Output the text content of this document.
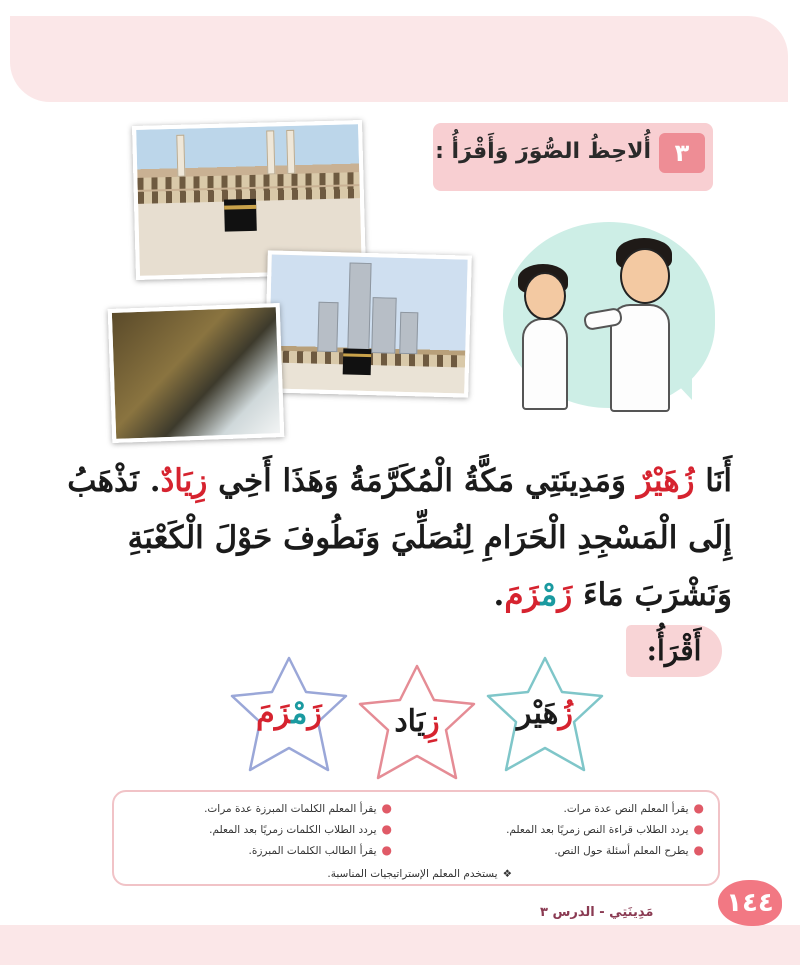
٣
أُلاحِظُ الصُّوَرَ وَأَقْرَأُ :
أَنَا زُهَيْرٌ وَمَدِينَتِي مَكَّةُ الْمُكَرَّمَةُ وَهَذَا أَخِي زِيَادٌ. نَذْهَبُ إِلَى الْمَسْجِدِ الْحَرَامِ لِنُصَلِّيَ وَنَطُوفَ حَوْلَ الْكَعْبَةِ وَنَشْرَبَ مَاءَ زَمْزَمَ.
أَقْرَأُ:
زُهَيْر
زِيَاد
زَمْزَمَ
●يقرأ المعلم النص عدة مرات.
●يردد الطلاب قراءة النص زمريًا بعد المعلم.
●يطرح المعلم أسئلة حول النص.
●يقرأ المعلم الكلمات المبرزة عدة مرات.
●يردد الطلاب الكلمات زمريًا بعد المعلم.
●يقرأ الطالب الكلمات المبرزة.
❖يستخدم المعلم الإستراتيجيات المناسبة.
١٤٤
مَدِينَتِي - الدرس ٣
